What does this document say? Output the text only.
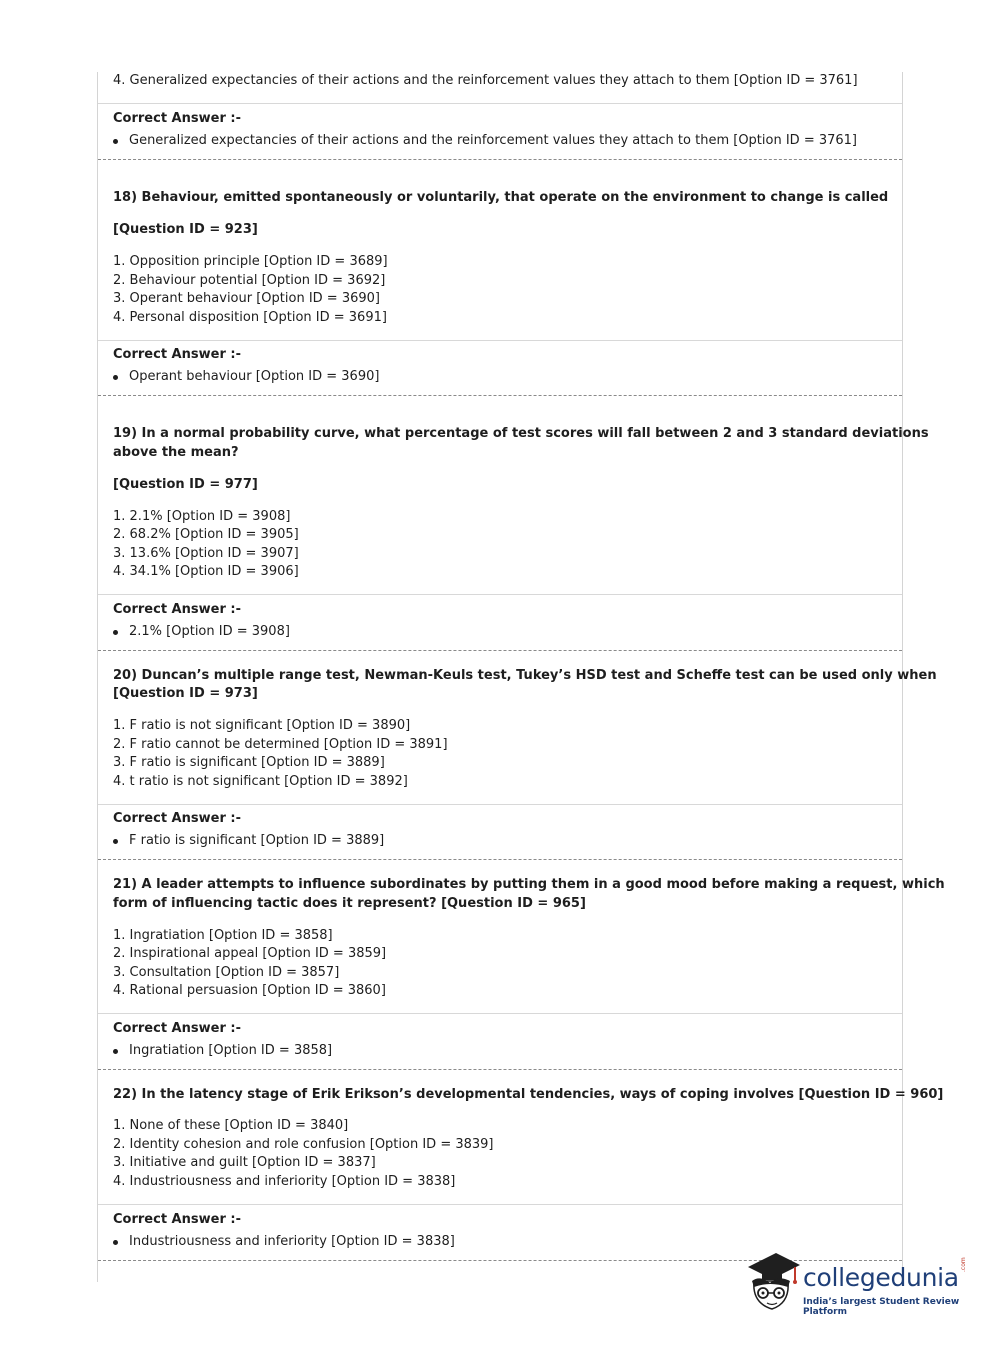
4. Generalized expectancies of their actions and the reinforcement values they attach to them [Option ID = 3761]
Correct Answer :-
Generalized expectancies of their actions and the reinforcement values they attach to them [Option ID = 3761]
18) Behaviour, emitted spontaneously or voluntarily, that operate on the environment to change is called
[Question ID = 923]
1. Opposition principle [Option ID = 3689]
2. Behaviour potential [Option ID = 3692]
3. Operant behaviour [Option ID = 3690]
4. Personal disposition [Option ID = 3691]
Correct Answer :-
Operant behaviour [Option ID = 3690]
19) In a normal probability curve, what percentage of test scores will fall between 2 and 3 standard deviations
above the mean?
[Question ID = 977]
1. 2.1% [Option ID = 3908]
2. 68.2% [Option ID = 3905]
3. 13.6% [Option ID = 3907]
4. 34.1% [Option ID = 3906]
Correct Answer :-
2.1% [Option ID = 3908]
20) Duncan’s multiple range test, Newman-Keuls test, Tukey’s HSD test and Scheffe test can be used only when
[Question ID = 973]
1. F ratio is not significant [Option ID = 3890]
2. F ratio cannot be determined [Option ID = 3891]
3. F ratio is significant [Option ID = 3889]
4. t ratio is not significant [Option ID = 3892]
Correct Answer :-
F ratio is significant [Option ID = 3889]
21) A leader attempts to influence subordinates by putting them in a good mood before making a request, which
form of influencing tactic does it represent? [Question ID = 965]
1. Ingratiation [Option ID = 3858]
2. Inspirational appeal [Option ID = 3859]
3. Consultation [Option ID = 3857]
4. Rational persuasion [Option ID = 3860]
Correct Answer :-
Ingratiation [Option ID = 3858]
22) In the latency stage of Erik Erikson’s developmental tendencies, ways of coping involves [Question ID = 960]
1. None of these [Option ID = 3840]
2. Identity cohesion and role confusion [Option ID = 3839]
3. Initiative and guilt [Option ID = 3837]
4. Industriousness and inferiority [Option ID = 3838]
Correct Answer :-
Industriousness and inferiority [Option ID = 3838]
collegedunia
India’s largest Student Review Platform
.com
